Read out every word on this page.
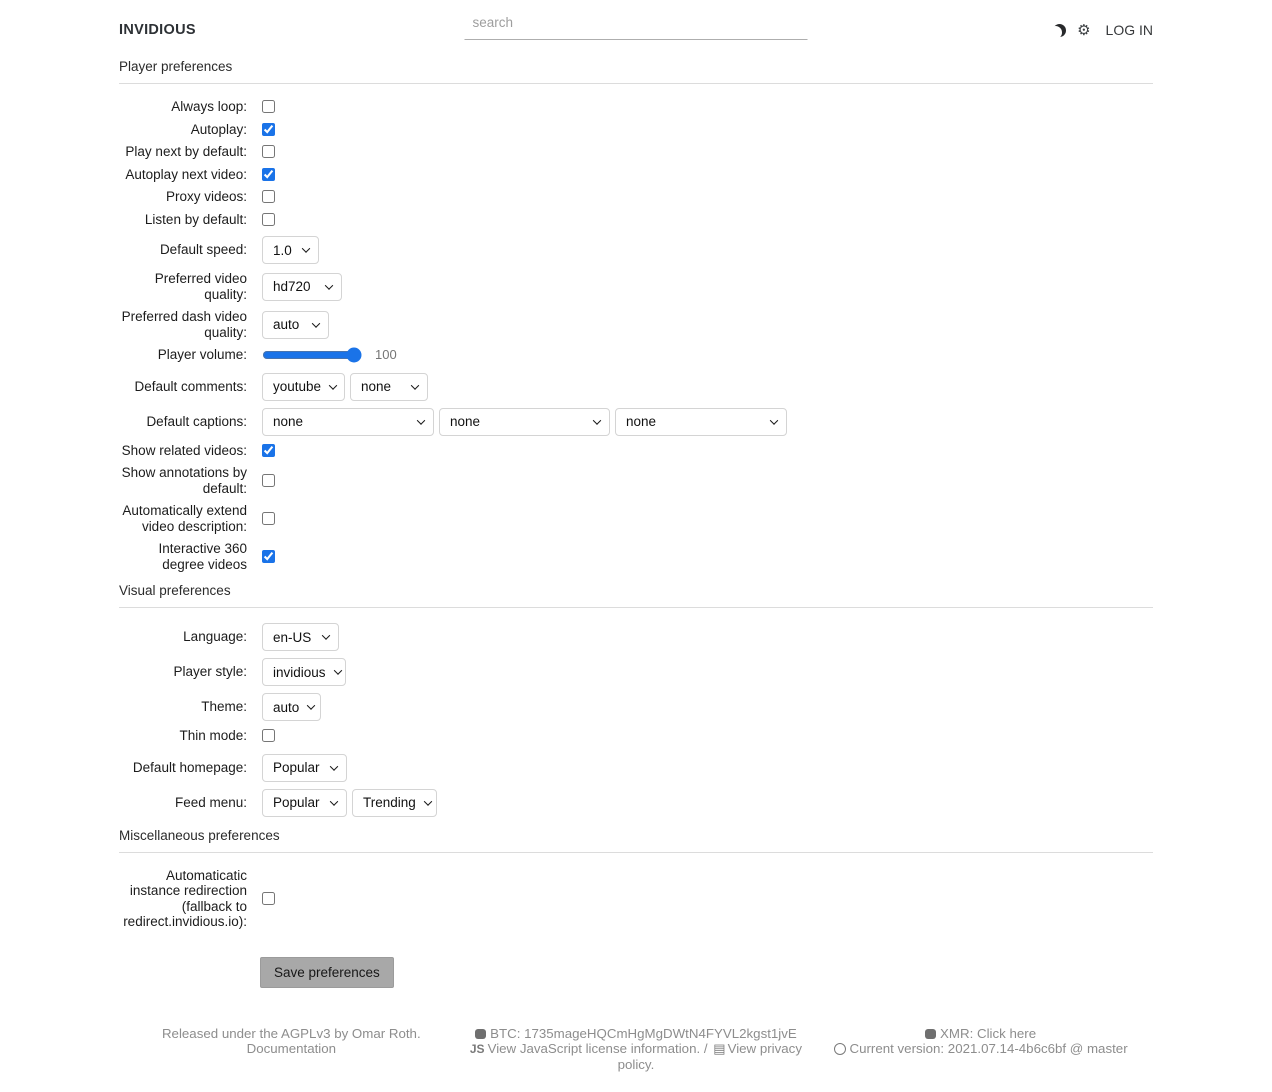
INVIDIOUS
search	⚙ LOG IN
Player preferences
Always loop:
Autoplay:
Play next by default:
Autoplay next video:
Proxy videos:
Listen by default:
Default speed: 1.0
Preferred video quality: hd720
Preferred dash video quality: auto
Player volume:	100
Default comments: youtube	none
Default captions: none	none	none
Show related videos:
Show annotations by default:
Automatically extend video description:
Interactive 360 degree videos
Visual preferences
Language: en-US
Player style: invidious
Theme: auto
Thin mode:
Default homepage: Popular
Feed menu: Popular	Trending
Miscellaneous preferences
Automaticatic instance redirection (fallback to redirect.invidious.io):
Save preferences
Released under the AGPLv3 by Omar Roth.
Documentation
BTC: 1735mageHQCmHgMgDWtN4FYVL2kgst1jvE
JS View JavaScript license information. / ▤ View privacy policy.
XMR: Click here
Current version: 2021.07.14-4b6c6bf @ master
